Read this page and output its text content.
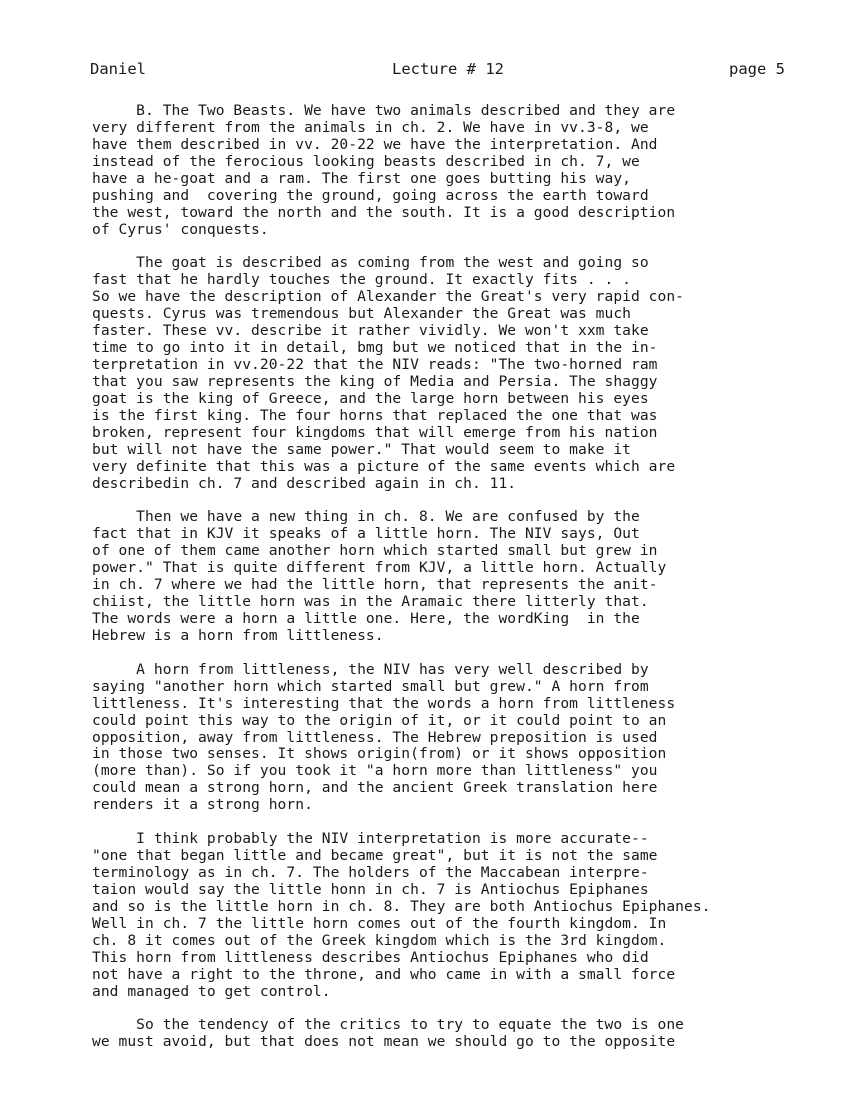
Daniel	Lecture # 12	page 5
B. The Two Beasts. We have two animals described and they are
very different from the animals in ch. 2. We have in vv.3-8, we
have them described in vv. 20-22 we have the interpretation. And
instead of the ferocious looking beasts described in ch. 7, we
have a he-goat and a ram. The first one goes butting his way,
pushing and  covering the ground, going across the earth toward
the west, toward the north and the south. It is a good description
of Cyrus' conquests.
The goat is described as coming from the west and going so
fast that he hardly touches the ground. It exactly fits . . .
So we have the description of Alexander the Great's very rapid con-
quests. Cyrus was tremendous but Alexander the Great was much
faster. These vv. describe it rather vividly. We won't xxm take
time to go into it in detail, bmg but we noticed that in the in-
terpretation in vv.20-22 that the NIV reads: "The two-horned ram
that you saw represents the king of Media and Persia. The shaggy
goat is the king of Greece, and the large horn between his eyes
is the first king. The four horns that replaced the one that was
broken, represent four kingdoms that will emerge from his nation
but will not have the same power." That would seem to make it
very definite that this was a picture of the same events which are
describedin ch. 7 and described again in ch. 11.
Then we have a new thing in ch. 8. We are confused by the
fact that in KJV it speaks of a little horn. The NIV says, Out
of one of them came another horn which started small but grew in
power." That is quite different from KJV, a little horn. Actually
in ch. 7 where we had the little horn, that represents the anit-
chiist, the little horn was in the Aramaic there litterly that.
The words were a horn a little one. Here, the wordKing  in the
Hebrew is a horn from littleness.
A horn from littleness, the NIV has very well described by
saying "another horn which started small but grew." A horn from
littleness. It's interesting that the words a horn from littleness
could point this way to the origin of it, or it could point to an
opposition, away from littleness. The Hebrew preposition is used
in those two senses. It shows origin(from) or it shows opposition
(more than). So if you took it "a horn more than littleness" you
could mean a strong horn, and the ancient Greek translation here
renders it a strong horn.
I think probably the NIV interpretation is more accurate--
"one that began little and became great", but it is not the same
terminology as in ch. 7. The holders of the Maccabean interpre-
taion would say the little honn in ch. 7 is Antiochus Epiphanes
and so is the little horn in ch. 8. They are both Antiochus Epiphanes.
Well in ch. 7 the little horn comes out of the fourth kingdom. In
ch. 8 it comes out of the Greek kingdom which is the 3rd kingdom.
This horn from littleness describes Antiochus Epiphanes who did
not have a right to the throne, and who came in with a small force
and managed to get control.
So the tendency of the critics to try to equate the two is one
we must avoid, but that does not mean we should go to the opposite
